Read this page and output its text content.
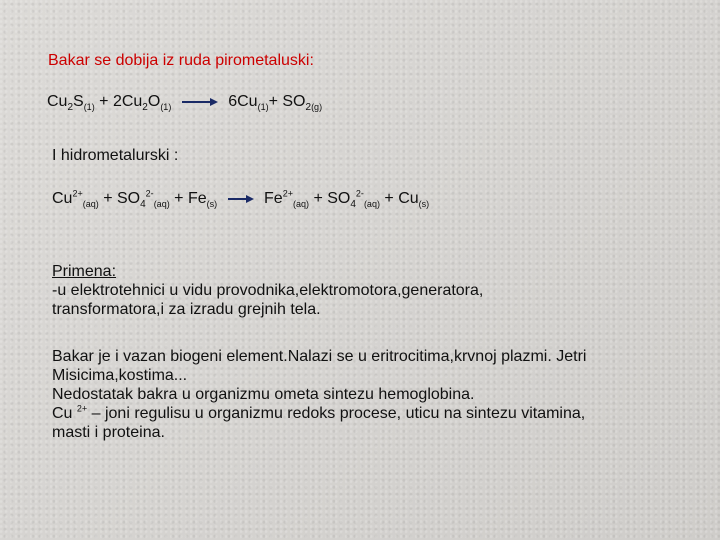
Bakar se dobija iz ruda pirometaluski:
$Cu_2S_{(1)} + 2Cu_2O_{(1)} \to 6Cu_{(1)}+ SO_{2(g)}$
I hidrometalurski :
$Cu^{2+}_{(aq)} + SO_4^{2-}_{(aq)} + Fe_{(s)} \to Fe^{2+}_{(aq)} + SO_4^{2-}_{(aq)} + Cu_{(s)}$
Primena:
-u elektrotehnici u vidu provodnika,elektromotora,generatora,
transformatora,i za izradu grejnih tela.
Bakar je i vazan biogeni element.Nalazi se u eritrocitima,krvnoj plazmi. Jetri
Misicima,kostima...
Nedostatak bakra u organizmu ometa sintezu hemoglobina.
Cu $^{2+}$ – joni regulisu u organizmu redoks procese, uticu na sintezu vitamina,
masti i proteina.
